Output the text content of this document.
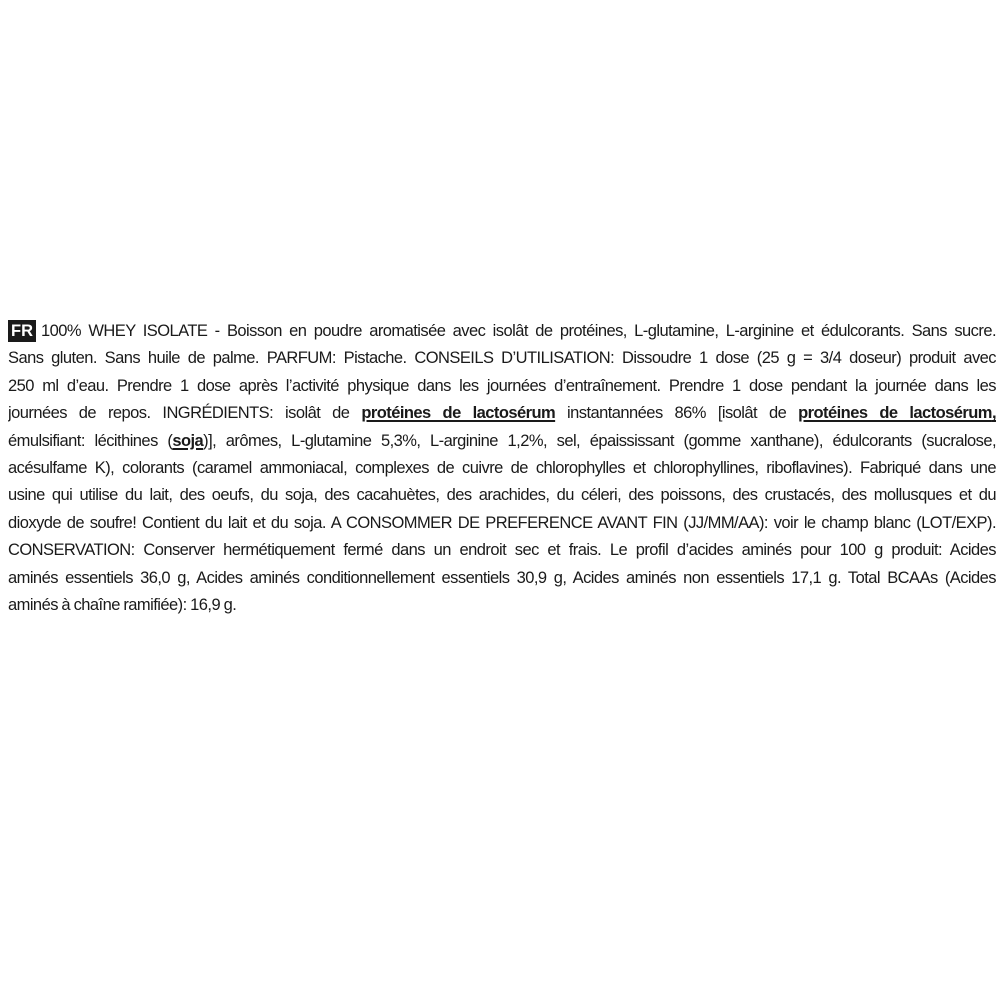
FR 100% WHEY ISOLATE - Boisson en poudre aromatisée avec isolât de protéines, L-glutamine, L-arginine et édulcorants. Sans sucre.
Sans gluten. Sans huile de palme. PARFUM: Pistache. CONSEILS D’UTILISATION: Dissoudre 1 dose (25 g = 3/4 doseur) produit avec
250 ml d’eau. Prendre 1 dose après l’activité physique dans les journées d’entraînement. Prendre 1 dose pendant la journée dans les
journées de repos. INGRÉDIENTS: isolât de protéines de lactosérum instantannées 86% [isolât de protéines de lactosérum,
émulsifiant: lécithines (soja)], arômes, L-glutamine 5,3%, L-arginine 1,2%, sel, épaississant (gomme xanthane), édulcorants (sucralose,
acésulfame K), colorants (caramel ammoniacal, complexes de cuivre de chlorophylles et chlorophyllines, riboflavines). Fabriqué dans une
usine qui utilise du lait, des oeufs, du soja, des cacahuètes, des arachides, du céleri, des poissons, des crustacés, des mollusques et du
dioxyde de soufre! Contient du lait et du soja. A CONSOMMER DE PREFERENCE AVANT FIN (JJ/MM/AA): voir le champ blanc (LOT/EXP).
CONSERVATION: Conserver hermétiquement fermé dans un endroit sec et frais. Le profil d’acides aminés pour 100 g produit: Acides
aminés essentiels 36,0 g, Acides aminés conditionnellement essentiels 30,9 g, Acides aminés non essentiels 17,1 g. Total BCAAs (Acides
aminés à chaîne ramifiée): 16,9 g.
